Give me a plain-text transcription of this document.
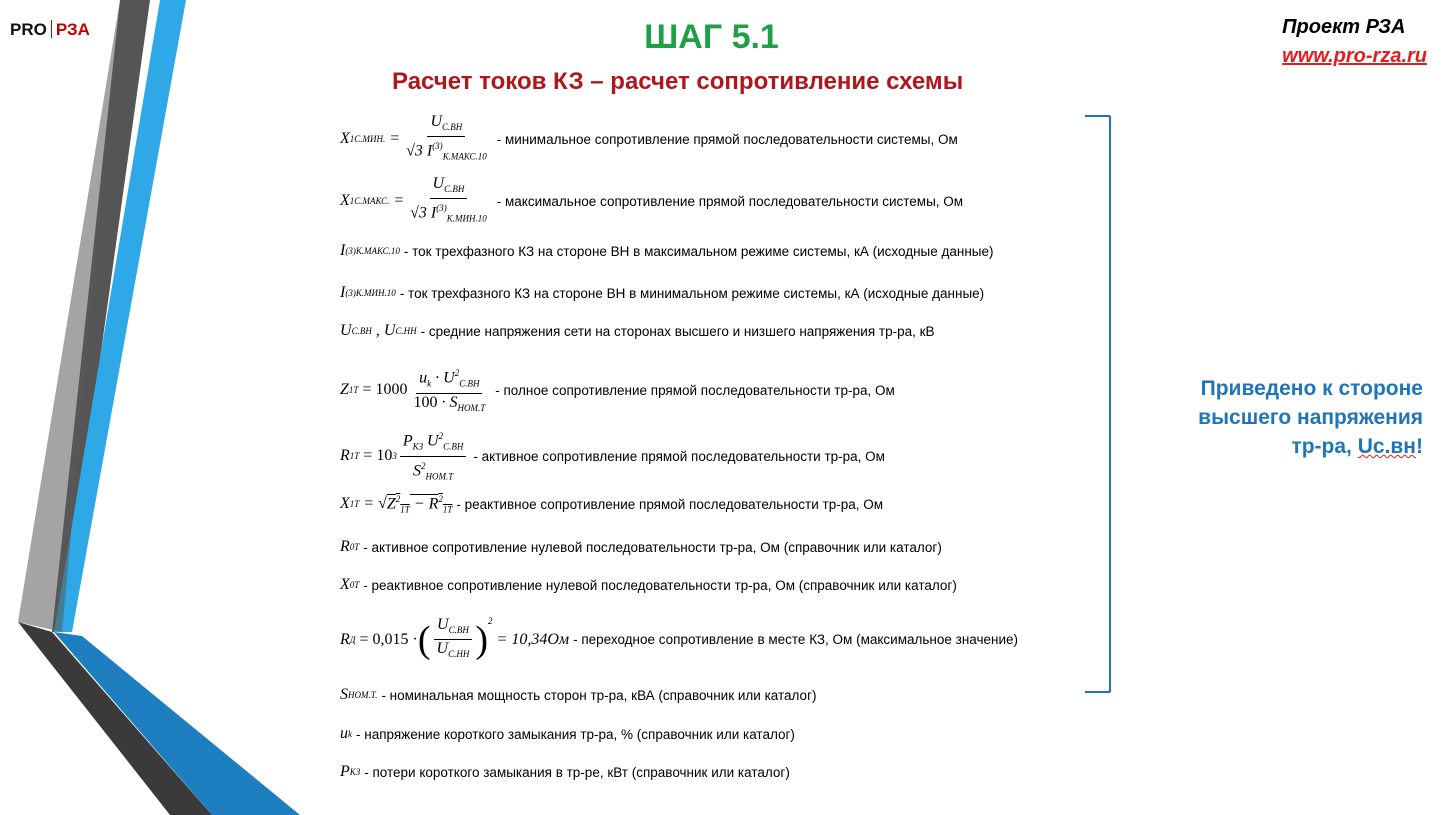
PRO РЗА	Проект РЗА
www.pro-rza.ru
ШАГ 5.1
Расчет токов КЗ – расчет сопротивление схемы
X 1С.МИН. =
$U_{С.ВН}$
√3 $I^{(3)}_{К.МАКС.10}$
- минимальное сопротивление прямой последовательности системы, Ом
X 1С.МАКС. =
$U_{С.ВН}$
√3 $I^{(3)}_{К.МИН.10}$
- максимальное сопротивление прямой последовательности системы, Ом
I (3) К.МАКС.10 - ток трехфазного КЗ на стороне ВН в максимальном режиме системы, кА (исходные данные)
I (3) К.МИН.10 - ток трехфазного КЗ на стороне ВН в минимальном режиме системы, кА (исходные данные)
U С.ВН , U С.НН - средние напряжения сети на сторонах высшего и низшего напряжения тр-ра, кВ
Z 1Т
= 1000
$u_k \cdot U^2_{С.ВН}$
$100 \cdot S_{НОМ.Т}$
- полное сопротивление прямой последовательности тр-ра, Ом
R 1Т
= 10 3
$P_{КЗ}$ $U^2_{С.ВН}$
$S^2_{НОМ.Т}$
- активное сопротивление прямой последовательности тр-ра, Ом
X 1Т = √ $Z^2_{1Т} - R^2_{1Т}$ - реактивное сопротивление прямой последовательности тр-ра, Ом
R 0Т - активное сопротивление нулевой последовательности тр-ра, Ом (справочник или каталог)
X 0Т - реактивное сопротивление нулевой последовательности тр-ра, Ом (справочник или каталог)
R Д
= 0,015 · ( $U_{С.ВН}$
$U_{С.НН}$ )$^2$

= 10,34Ом - переходное сопротивление в месте КЗ, Ом (максимальное значение)
S НОМ.Т. - номинальная мощность сторон тр-ра, кВА (справочник или каталог)
u k - напряжение короткого замыкания тр-ра, % (справочник или каталог)
P КЗ - потери короткого замыкания в тр-ре, кВт (справочник или каталог)
Приведено к стороне
высшего напряжения
тр-ра, Uc.вн!
